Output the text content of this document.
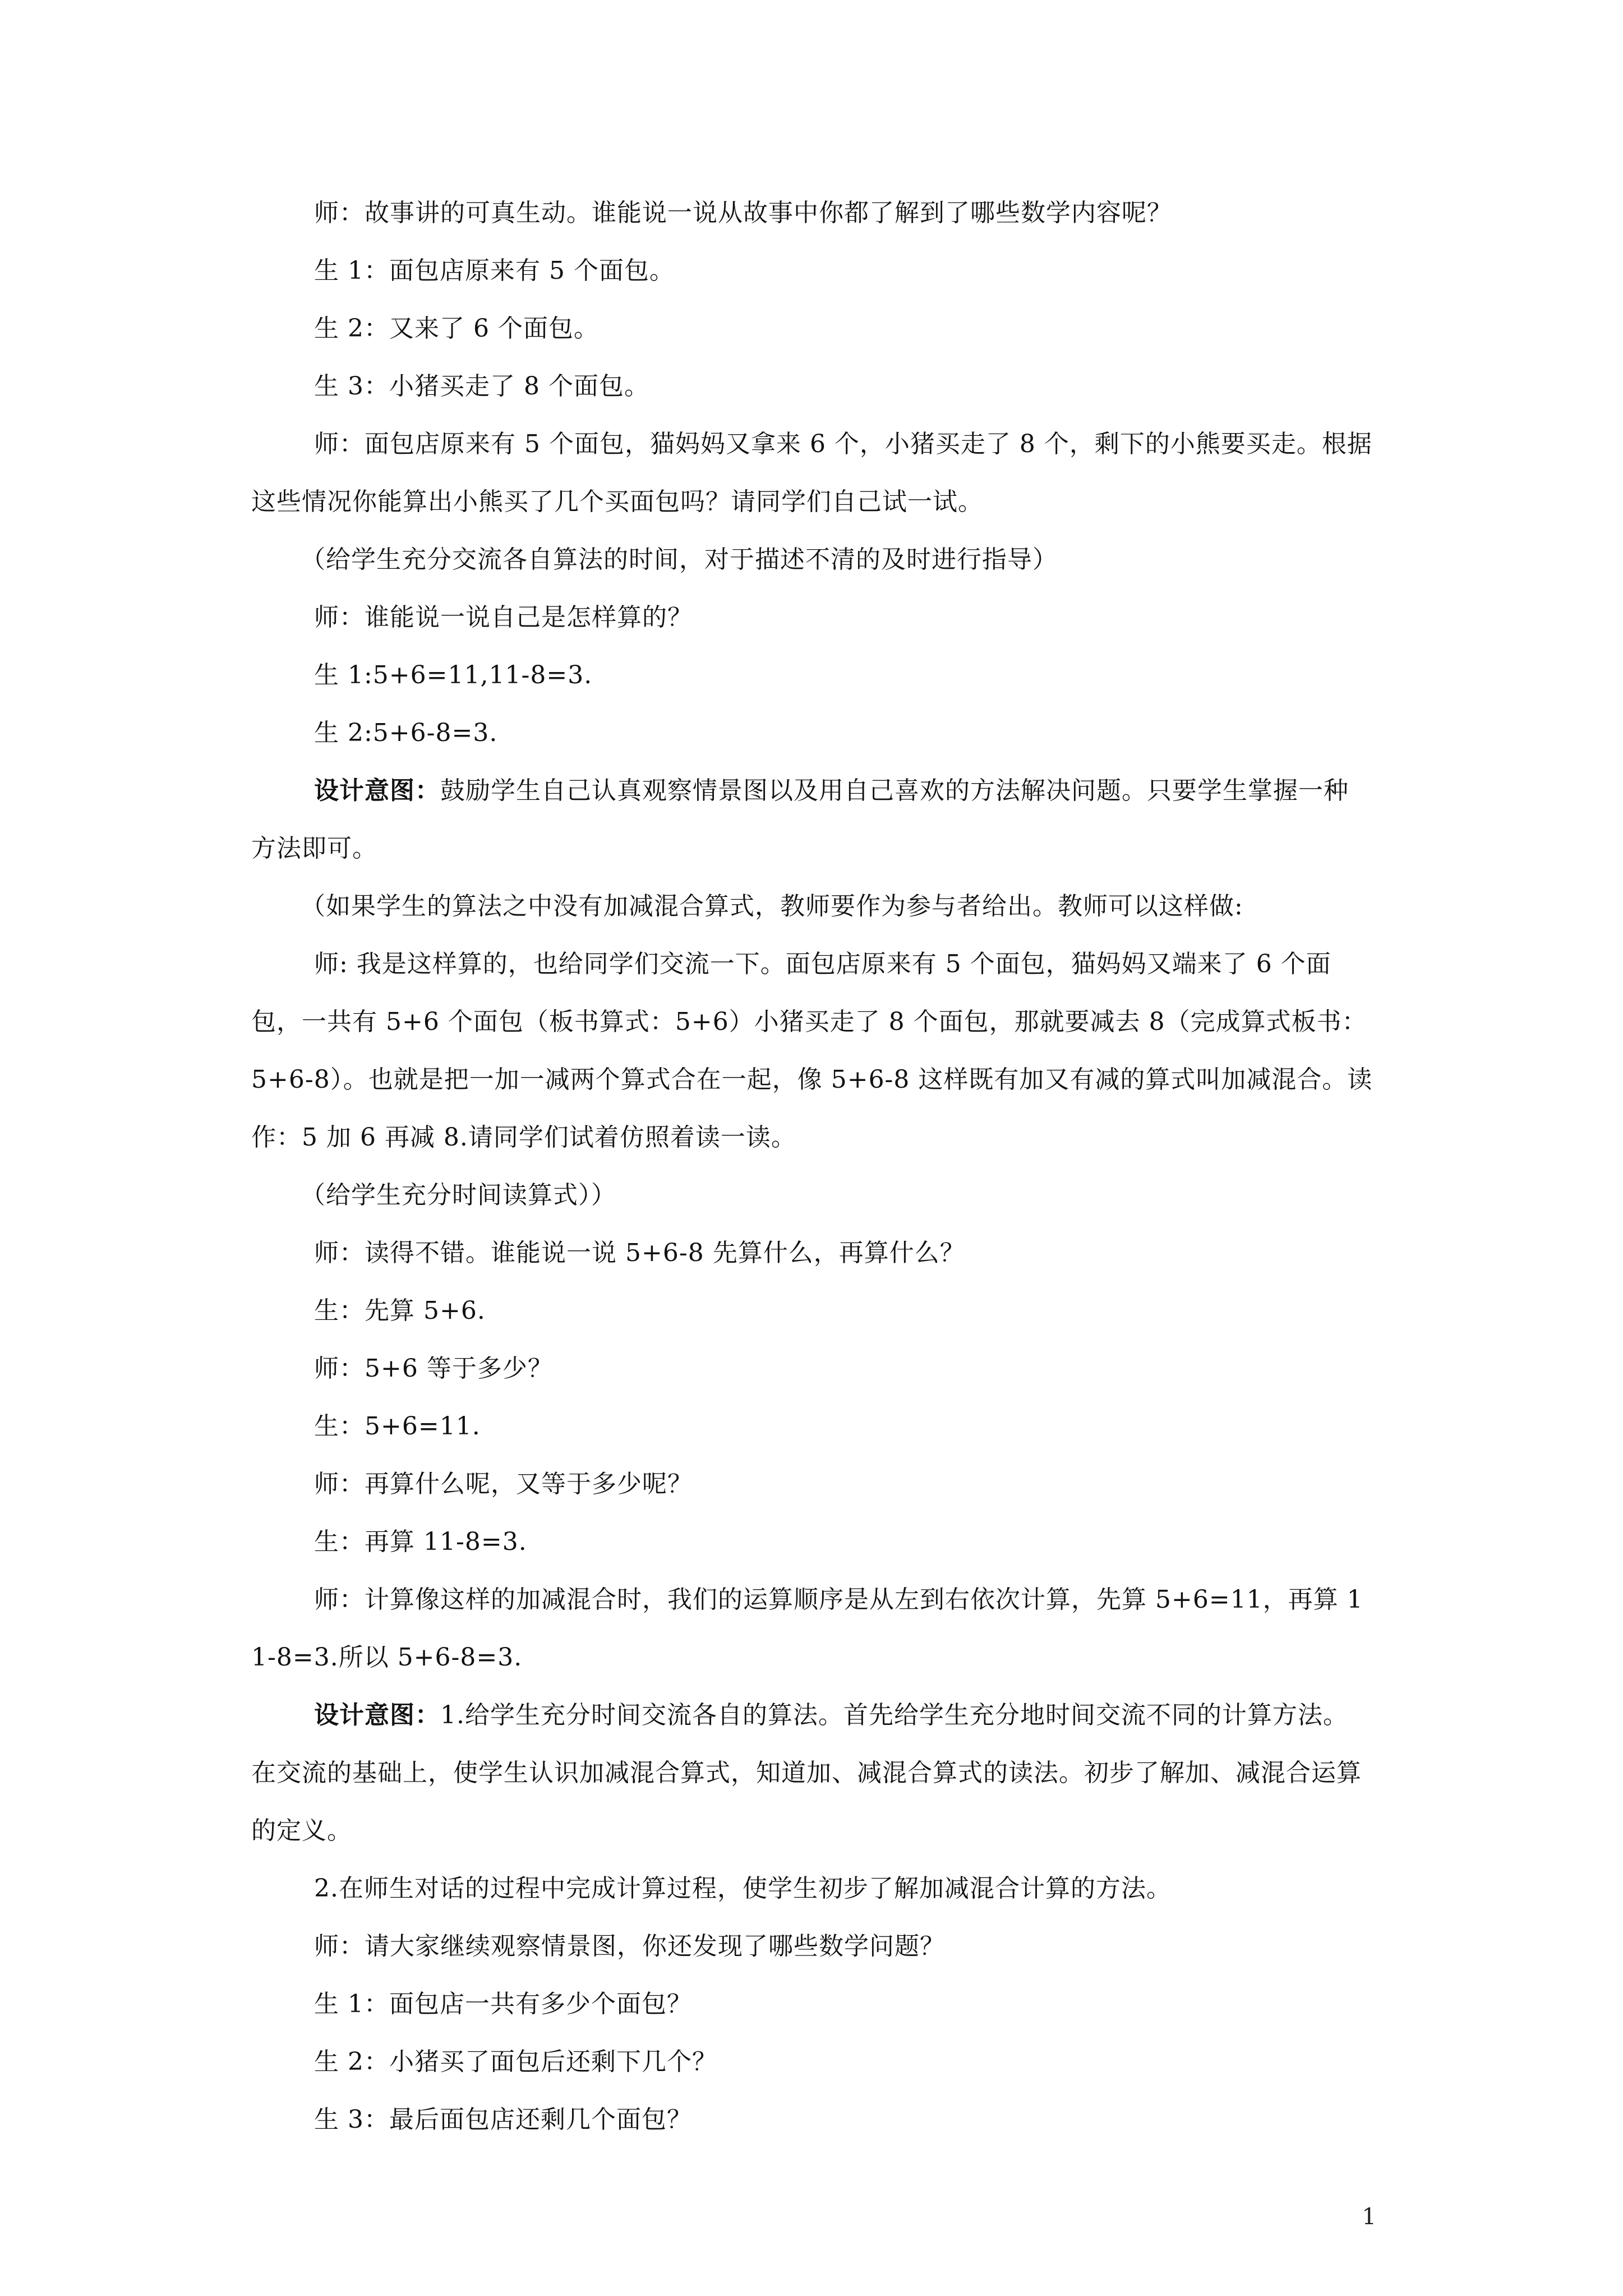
师：故事讲的可真生动。谁能说一说从故事中你都了解到了哪些数学内容呢？

生 1：面包店原来有 5 个面包。

生 2：又来了 6 个面包。

生 3：小猪买走了 8 个面包。

师：面包店原来有 5 个面包，猫妈妈又拿来 6 个，小猪买走了 8 个，剩下的小熊要买走。根据这些情况你能算出小熊买了几个买面包吗？请同学们自己试一试。

（给学生充分交流各自算法的时间，对于描述不清的及时进行指导）

师：谁能说一说自己是怎样算的？

生 1:5+6=11,11-8=3.

生 2:5+6-8=3.

设计意图：鼓励学生自己认真观察情景图以及用自己喜欢的方法解决问题。只要学生掌握一种方法即可。

（如果学生的算法之中没有加减混合算式，教师要作为参与者给出。教师可以这样做:

师: 我是这样算的，也给同学们交流一下。面包店原来有 5 个面包，猫妈妈又端来了 6 个面包，一共有 5+6 个面包（板书算式：5+6）小猪买走了 8 个面包，那就要减去 8（完成算式板书：5+6-8）。也就是把一加一减两个算式合在一起，像 5+6-8 这样既有加又有减的算式叫加减混合。读作：5 加 6 再减 8.请同学们试着仿照着读一读。

（给学生充分时间读算式））

师：读得不错。谁能说一说 5+6-8 先算什么，再算什么？

生：先算 5+6.

师：5+6 等于多少？

生：5+6=11.

师：再算什么呢，又等于多少呢？

生：再算 11-8=3.

师：计算像这样的加减混合时，我们的运算顺序是从左到右依次计算，先算 5+6=11，再算 11-8=3.所以 5+6-8=3.

设计意图：1.给学生充分时间交流各自的算法。首先给学生充分地时间交流不同的计算方法。在交流的基础上，使学生认识加减混合算式，知道加、减混合算式的读法。初步了解加、减混合运算的定义。

2.在师生对话的过程中完成计算过程，使学生初步了解加减混合计算的方法。

师：请大家继续观察情景图，你还发现了哪些数学问题？

生 1：面包店一共有多少个面包？

生 2：小猪买了面包后还剩下几个？

生 3：最后面包店还剩几个面包？

1
